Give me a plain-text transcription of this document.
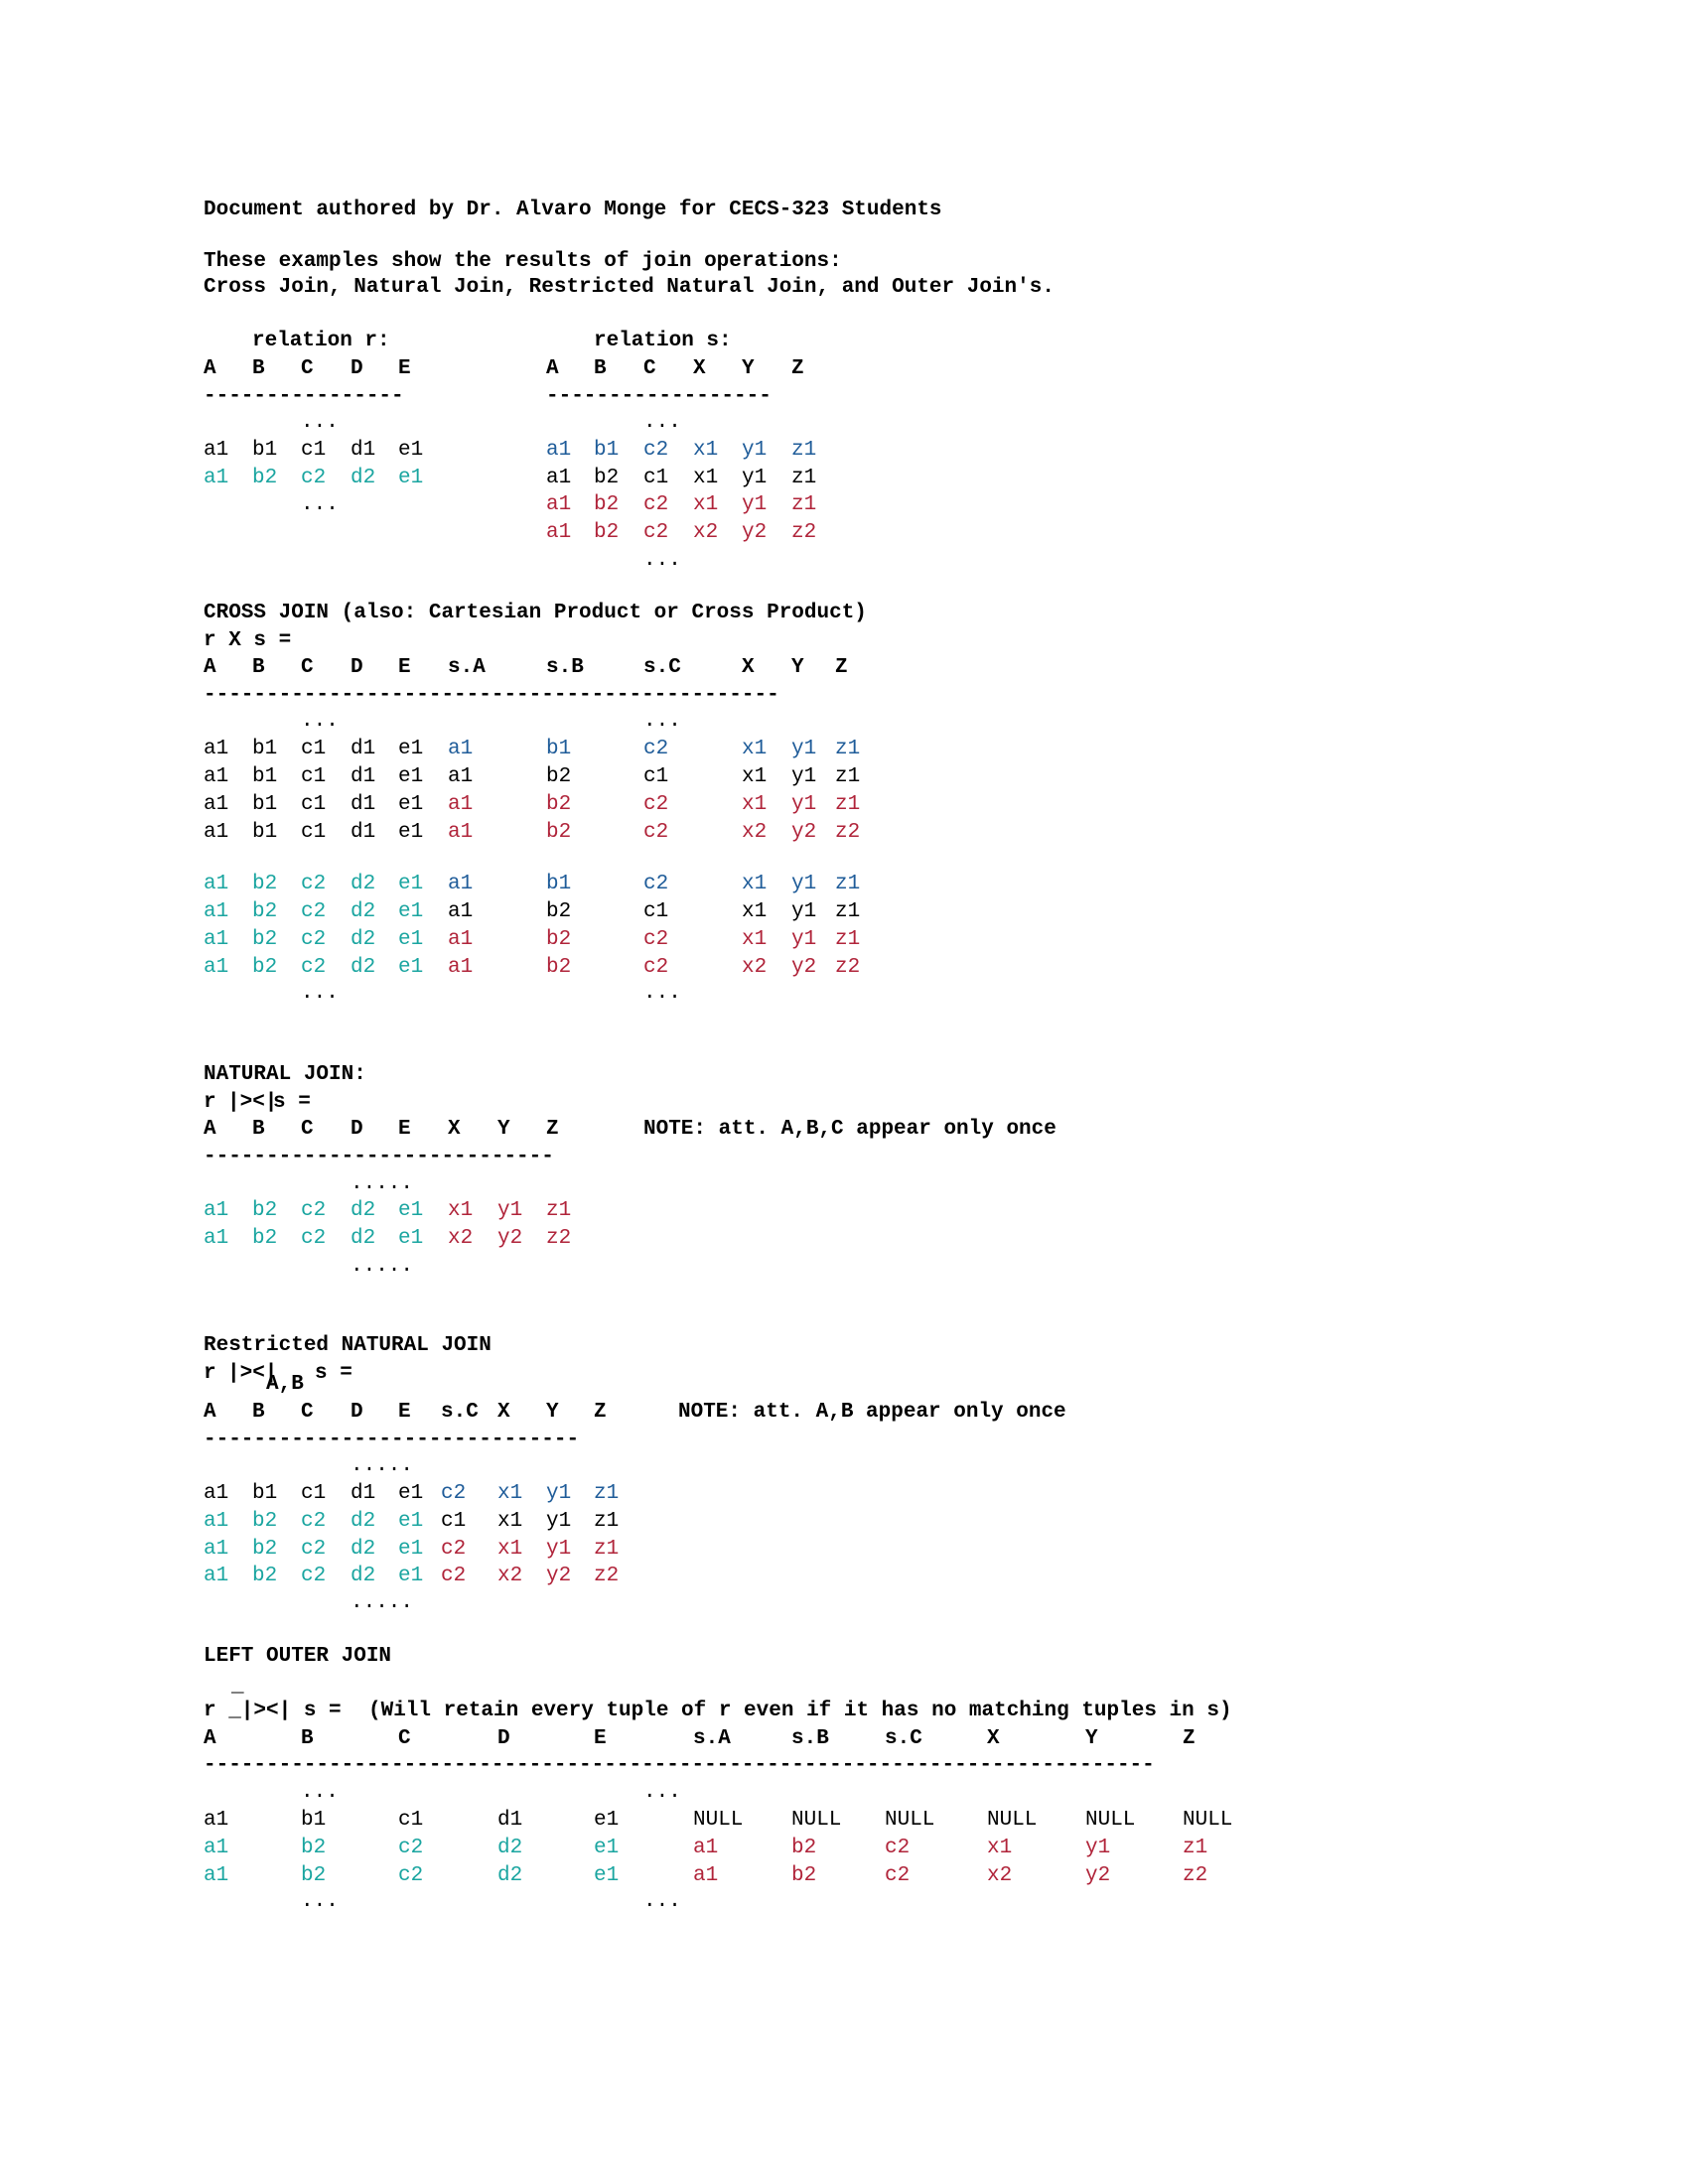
Document authored by Dr. Alvaro Monge for CECS-323 Students
These examples show the results of join operations:
Cross Join, Natural Join, Restricted Natural Join, and Outer Join's.
relation r:
A B C D E
----------------
...
a1 b1 c1 d1 e1
a1 b2 c2 d2 e1
...
relation s:
A B C X Y Z
------------------
...
a1 b1 c2 x1 y1 z1
a1 b2 c1 x1 y1 z1
a1 b2 c2 x1 y1 z1
a1 b2 c2 x2 y2 z2
...
CROSS JOIN (also: Cartesian Product or Cross Product)
r X s =
A B C D E s.A	s.B	s.C	X Y Z
----------------------------------------------
...	...
a1 b1 c1 d1 e1 a1	b1	c2	x1 y1 z1
a1 b1 c1 d1 e1 a1	b2	c1	x1 y1 z1
a1 b1 c1 d1 e1 a1	b2	c2	x1 y1 z1
a1 b1 c1 d1 e1 a1	b2	c2	x2 y2 z2
a1 b2 c2 d2 e1 a1	b1	c2	x1 y1 z1
a1 b2 c2 d2 e1 a1	b2	c1	x1 y1 z1
a1 b2 c2 d2 e1 a1	b2	c2	x1 y1 z1
a1 b2 c2 d2 e1 a1	b2	c2	x2 y2 z2
...	...
NATURAL JOIN:
r |><|
s =
A B C D E X Y Z	NOTE: att. A,B,C appear only once
----------------------------
.....
a1 b2 c2 d2 e1 x1 y1 z1
a1 b2 c2 d2 e1 x2 y2 z2
.....
Restricted NATURAL JOIN
r |><|
A,B s =
A B C D E s.C X Y Z	NOTE: att. A,B appear only once
------------------------------
.....
a1 b1 c1 d1 e1 c2 x1 y1 z1
a1 b2 c2 d2 e1 c1 x1 y1 z1
a1 b2 c2 d2 e1 c2 x1 y1 z1
a1 b2 c2 d2 e1 c2 x2 y2 z2
.....
LEFT OUTER JOIN
_
r _|><| s = (Will retain every tuple of r even if it has no matching tuples in s)
A	B	C	D	E	s.A	s.B	s.C	X	Y	Z
----------------------------------------------------------------------------
...	...
a1	b1	c1	d1	e1	NULL NULL NULL	NULL NULL NULL
a1	b2	c2	d2	e1	a1	b2	c2	x1	y1	z1
a1	b2	c2	d2	e1	a1	b2	c2	x2	y2	z2
...	...
